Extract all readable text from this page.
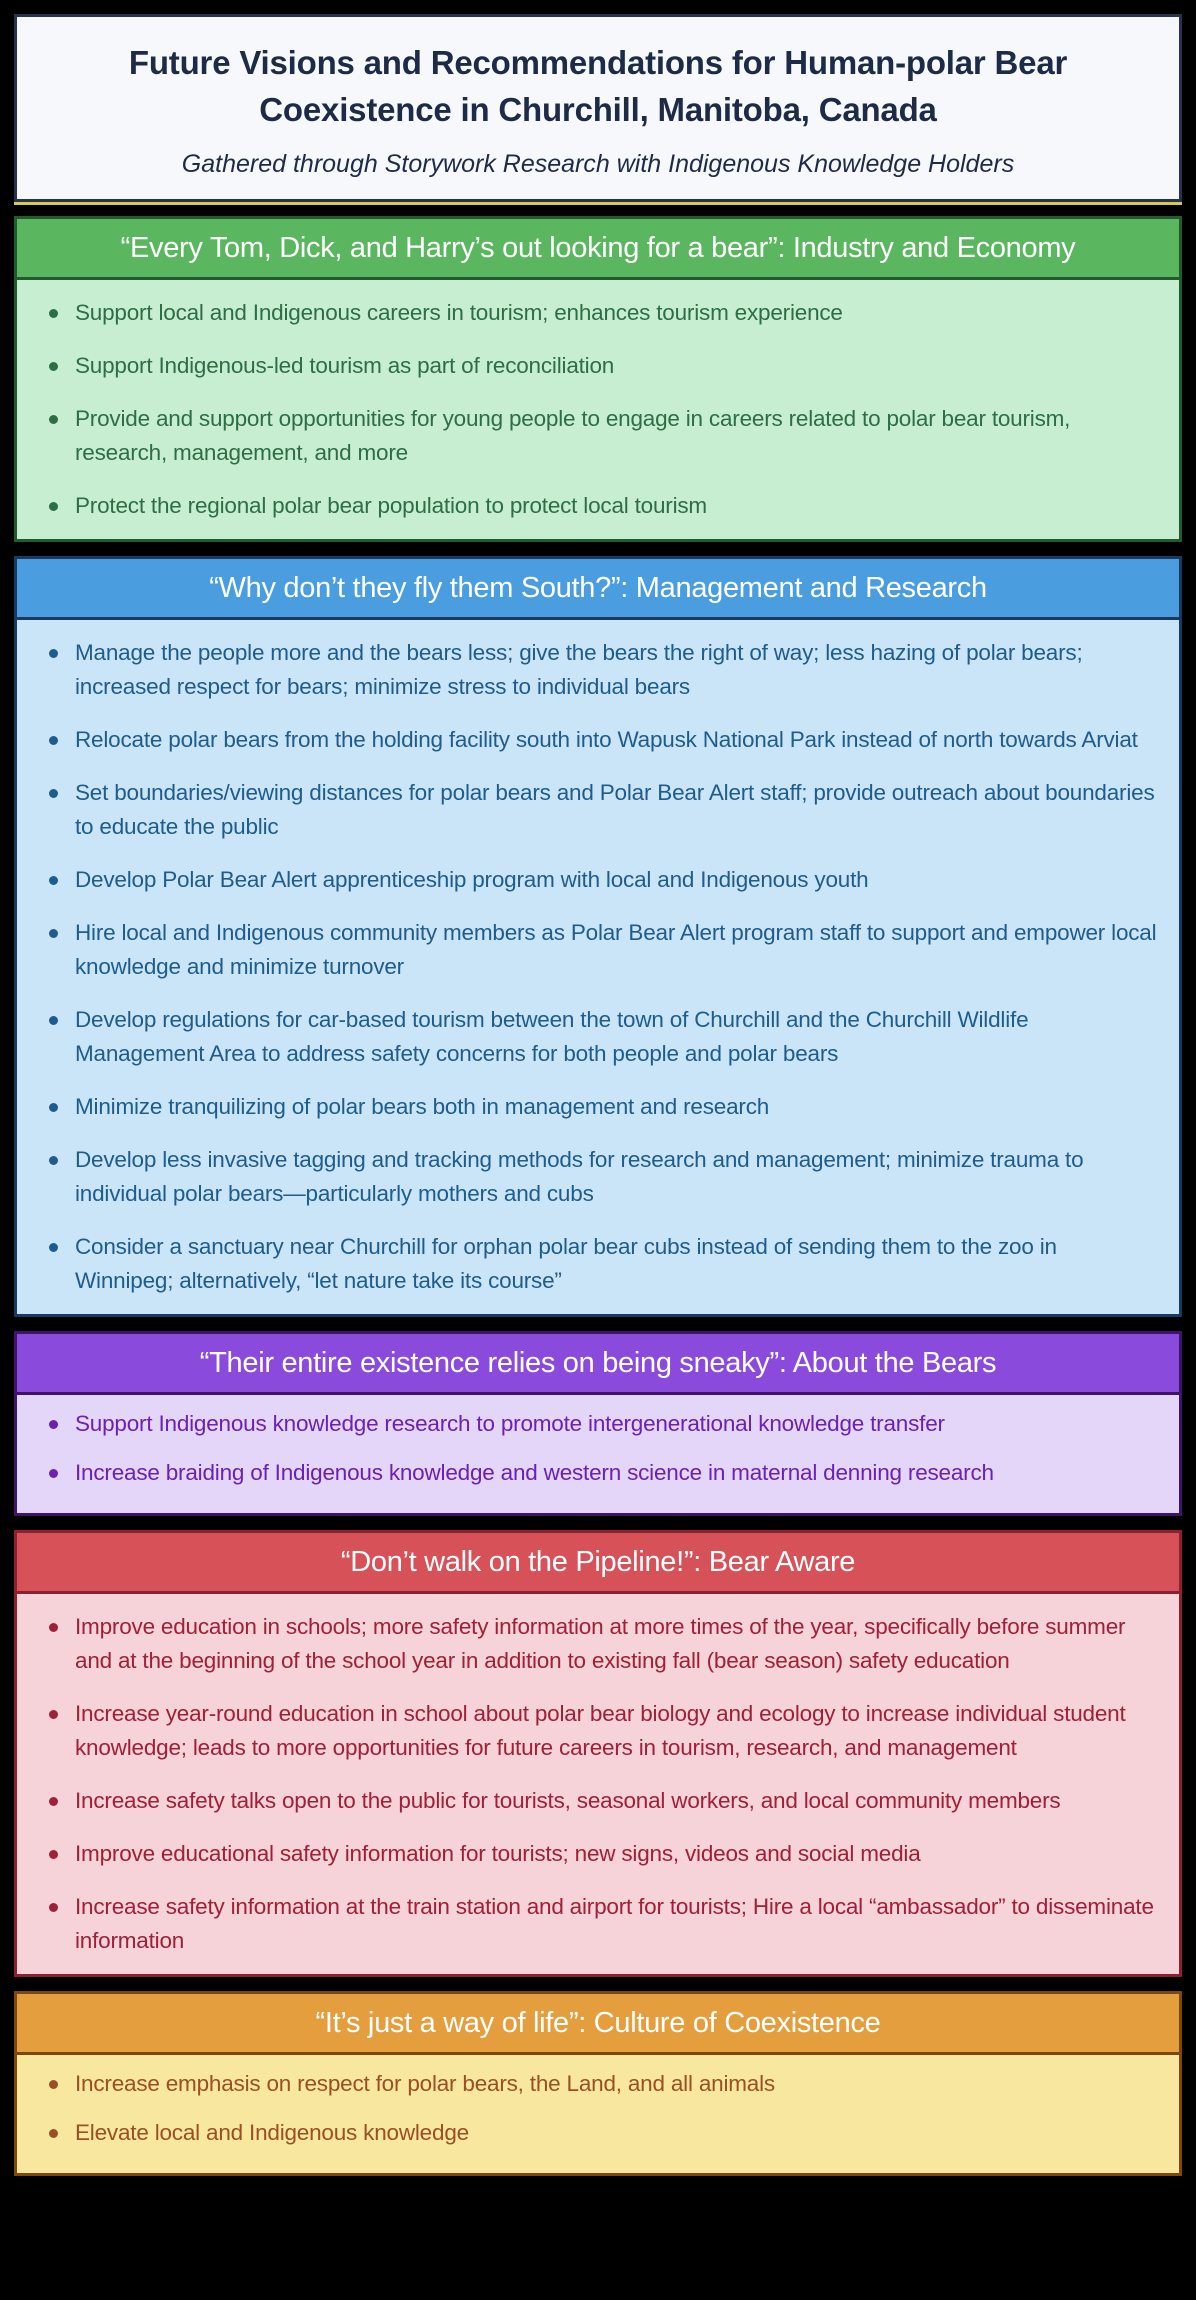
Future Visions and Recommendations for Human-polar Bear Coexistence in Churchill, Manitoba, Canada
Gathered through Storywork Research with Indigenous Knowledge Holders
“Every Tom, Dick, and Harry’s out looking for a bear”: Industry and Economy
Support local and Indigenous careers in tourism; enhances tourism experience
Support Indigenous-led tourism as part of reconciliation
Provide and support opportunities for young people to engage in careers related to polar bear tourism, research, management, and more
Protect the regional polar bear population to protect local tourism
“Why don’t they fly them South?”: Management and Research
Manage the people more and the bears less; give the bears the right of way; less hazing of polar bears; increased respect for bears; minimize stress to individual bears
Relocate polar bears from the holding facility south into Wapusk National Park instead of north towards Arviat
Set boundaries/viewing distances for polar bears and Polar Bear Alert staff; provide outreach about boundaries to educate the public
Develop Polar Bear Alert apprenticeship program with local and Indigenous youth
Hire local and Indigenous community members as Polar Bear Alert program staff to support and empower local knowledge and minimize turnover
Develop regulations for car-based tourism between the town of Churchill and the Churchill Wildlife Management Area to address safety concerns for both people and polar bears
Minimize tranquilizing of polar bears both in management and research
Develop less invasive tagging and tracking methods for research and management; minimize trauma to individual polar bears—particularly mothers and cubs
Consider a sanctuary near Churchill for orphan polar bear cubs instead of sending them to the zoo in Winnipeg; alternatively, “let nature take its course”
“Their entire existence relies on being sneaky”: About the Bears
Support Indigenous knowledge research to promote intergenerational knowledge transfer
Increase braiding of Indigenous knowledge and western science in maternal denning research
“Don’t walk on the Pipeline!”: Bear Aware
Improve education in schools; more safety information at more times of the year, specifically before summer and at the beginning of the school year in addition to existing fall (bear season) safety education
Increase year-round education in school about polar bear biology and ecology to increase individual student knowledge; leads to more opportunities for future careers in tourism, research, and management
Increase safety talks open to the public for tourists, seasonal workers, and local community members
Improve educational safety information for tourists; new signs, videos and social media
Increase safety information at the train station and airport for tourists; Hire a local “ambassador” to disseminate information
“It’s just a way of life”: Culture of Coexistence
Increase emphasis on respect for polar bears, the Land, and all animals
Elevate local and Indigenous knowledge
